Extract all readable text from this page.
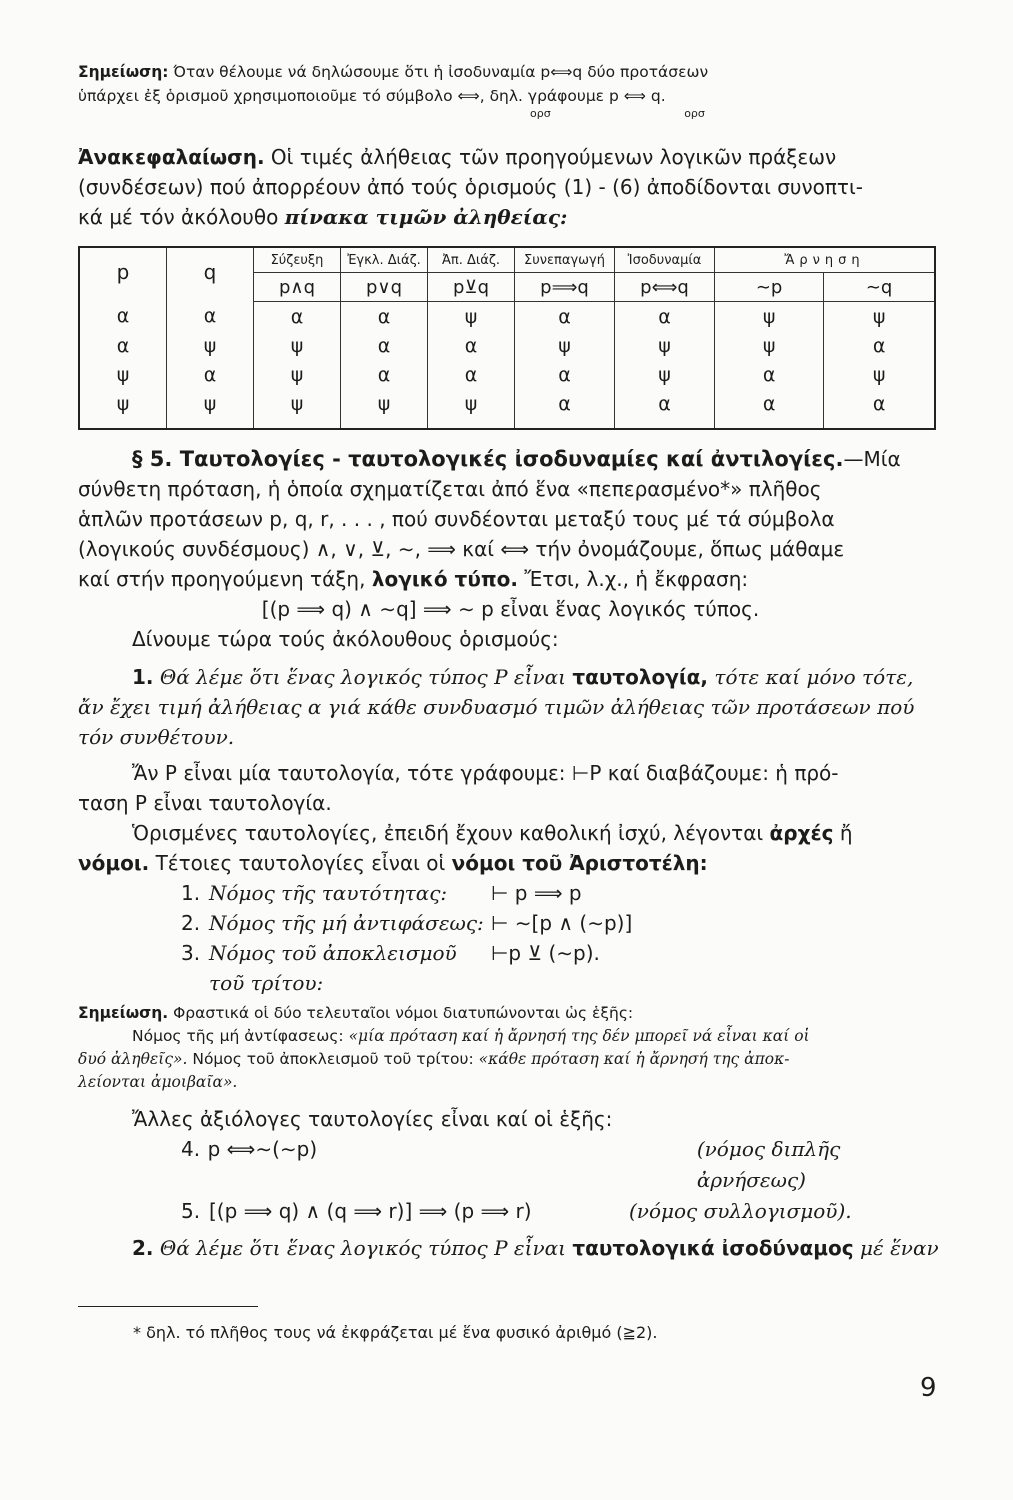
Σημείωση: Όταν θέλουμε νά δηλώσουμε ὅτι ἡ ἰσοδυναμία p⟺q δύο προτάσεων

ὑπάρχει ἐξ ὁρισμοῦ χρησιμοποιοῦμε τό σύμβολο ⟺, δηλ. γράφουμε p ⟺ q.

ορσ	ορσ

Ἀνακεφαλαίωση. Οἱ τιμές ἀλήθειας τῶν προηγούμενων λογικῶν πράξεων

(συνδέσεων) πού ἀπορρέουν ἀπό τούς ὁρισμούς (1) - (6) ἀποδίδονται συνοπτι-

κά μέ τόν ἀκόλουθο πίνακα τιμῶν ἀληθείας:

p	q	Σύζευξη	Ἐγκλ. Διάζ.	Ἀπ. Διάζ.	Συνεπαγωγή	Ἰσοδυναμία	Ἄρνηση	
		p∧q	p∨q	p⊻q	p⟹q	p⟺q	∼p	∼q
α	α	α	α	ψ	α	α	ψ	ψ
α	ψ	ψ	α	α	ψ	ψ	ψ	α
ψ	α	ψ	α	α	α	ψ	α	ψ
ψ	ψ	ψ	ψ	ψ	α	α	α	α

§ 5. Ταυτολογίες - ταυτολογικές ἰσοδυναμίες καί ἀντιλογίες.—Μία

σύνθετη πρόταση, ἡ ὁποία σχηματίζεται ἀπό ἕνα «πεπερασμένο*» πλῆθος

ἁπλῶν προτάσεων p, q, r, . . . , πού συνδέονται μεταξύ τους μέ τά σύμβολα

(λογικούς συνδέσμους) ∧, ∨, ⊻, ∼, ⟹ καί ⟺ τήν ὀνομάζουμε, ὅπως μάθαμε

καί στήν προηγούμενη τάξη, λογικό τύπο. Ἔτσι, λ.χ., ἡ ἔκφραση:

[(p ⟹ q) ∧ ∼q] ⟹ ∼ p εἶναι ἕνας λογικός τύπος.

Δίνουμε τώρα τούς ἀκόλουθους ὁρισμούς:

1. Θά λέμε ὅτι ἕνας λογικός τύπος P εἶναι ταυτολογία, τότε καί μόνο τότε,

ἄν ἔχει τιμή ἀλήθειας α γιά κάθε συνδυασμό τιμῶν ἀλήθειας τῶν προτάσεων πού

τόν συνθέτουν.

Ἄν P εἶναι μία ταυτολογία, τότε γράφουμε: ⊢P καί διαβάζουμε: ἡ πρό-

ταση P εἶναι ταυτολογία.

Ὁρισμένες ταυτολογίες, ἐπειδή ἔχουν καθολική ἰσχύ, λέγονται ἀρχές ἤ

νόμοι. Τέτοιες ταυτολογίες εἶναι οἱ νόμοι τοῦ Ἀριστοτέλη:

1. Νόμος τῆς ταυτότητας:	⊢ p ⟹ p
2. Νόμος τῆς μή ἀντιφάσεως: ⊢ ∼[p ∧ (∼p)]
3. Νόμος τοῦ ἀποκλεισμοῦ τοῦ τρίτου:
⊢p ⊻ (∼p).

Σημείωση. Φραστικά οἱ δύο τελευταῖοι νόμοι διατυπώνονται ὡς ἑξῆς:

Νόμος τῆς μή ἀντίφασεως: «μία πρόταση καί ἡ ἄρνησή της δέν μπορεῖ νά εἶναι καί οἱ

δυό ἀληθεῖς». Νόμος τοῦ ἀποκλεισμοῦ τοῦ τρίτου: «κάθε πρόταση καί ἡ ἄρνησή της ἀποκ-

λείονται ἀμοιβαῖα».

Ἄλλες ἀξιόλογες ταυτολογίες εἶναι καί οἱ ἑξῆς:

4. p ⟺∼(∼p)	(νόμος διπλῆς ἀρνήσεως)
5. [(p ⟹ q) ∧ (q ⟹ r)] ⟹ (p ⟹ r)	(νόμος συλλογισμοῦ).

2. Θά λέμε ὅτι ἕνας λογικός τύπος P εἶναι ταυτολογικά ἰσοδύναμος μέ ἕναν

* δηλ. τό πλῆθος τους νά ἐκφράζεται μέ ἕνα φυσικό ἀριθμό (≧2).
9
